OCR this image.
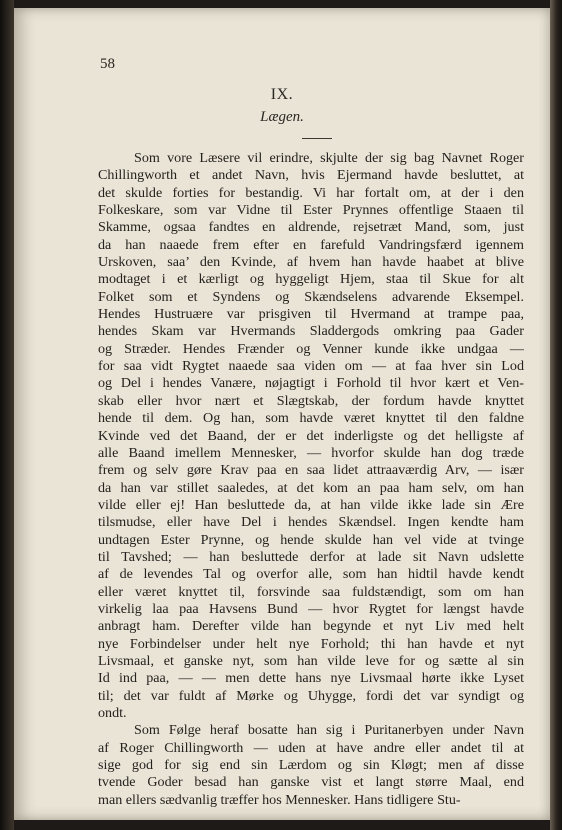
58
IX.
Lægen.
Som vore Læsere vil erindre, skjulte der sig bag Navnet Roger
Chillingworth et andet Navn, hvis Ejermand havde besluttet, at
det skulde forties for bestandig. Vi har fortalt om, at der i den
Folkeskare, som var Vidne til Ester Prynnes offentlige Staaen til
Skamme, ogsaa fandtes en aldrende, rejsetræt Mand, som, just
da han naaede frem efter en farefuld Vandringsfærd igennem
Urskoven, saa’ den Kvinde, af hvem han havde haabet at blive
modtaget i et kærligt og hyggeligt Hjem, staa til Skue for alt
Folket som et Syndens og Skændselens advarende Eksempel.
Hendes Hustruære var prisgiven til Hvermand at trampe paa,
hendes Skam var Hvermands Sladdergods omkring paa Gader
og Stræder. Hendes Frænder og Venner kunde ikke undgaa —
for saa vidt Rygtet naaede saa viden om — at faa hver sin Lod
og Del i hendes Vanære, nøjagtigt i Forhold til hvor kært et Ven-
skab eller hvor nært et Slægtskab, der fordum havde knyttet
hende til dem. Og han, som havde været knyttet til den faldne
Kvinde ved det Baand, der er det inderligste og det helligste af
alle Baand imellem Mennesker, — hvorfor skulde han dog træde
frem og selv gøre Krav paa en saa lidet attraaværdig Arv, — især
da han var stillet saaledes, at det kom an paa ham selv, om han
vilde eller ej! Han besluttede da, at han vilde ikke lade sin Ære
tilsmudse, eller have Del i hendes Skændsel. Ingen kendte ham
undtagen Ester Prynne, og hende skulde han vel vide at tvinge
til Tavshed; — han besluttede derfor at lade sit Navn udslette
af de levendes Tal og overfor alle, som han hidtil havde kendt
eller været knyttet til, forsvinde saa fuldstændigt, som om han
virkelig laa paa Havsens Bund — hvor Rygtet for længst havde
anbragt ham. Derefter vilde han begynde et nyt Liv med helt
nye Forbindelser under helt nye Forhold; thi han havde et nyt
Livsmaal, et ganske nyt, som han vilde leve for og sætte al sin
Id ind paa, — — men dette hans nye Livsmaal hørte ikke Lyset
til; det var fuldt af Mørke og Uhygge, fordi det var syndigt og
ondt.
Som Følge heraf bosatte han sig i Puritanerbyen under Navn
af Roger Chillingworth — uden at have andre eller andet til at
sige god for sig end sin Lærdom og sin Kløgt; men af disse
tvende Goder besad han ganske vist et langt større Maal, end
man ellers sædvanlig træffer hos Mennesker. Hans tidligere Stu-
